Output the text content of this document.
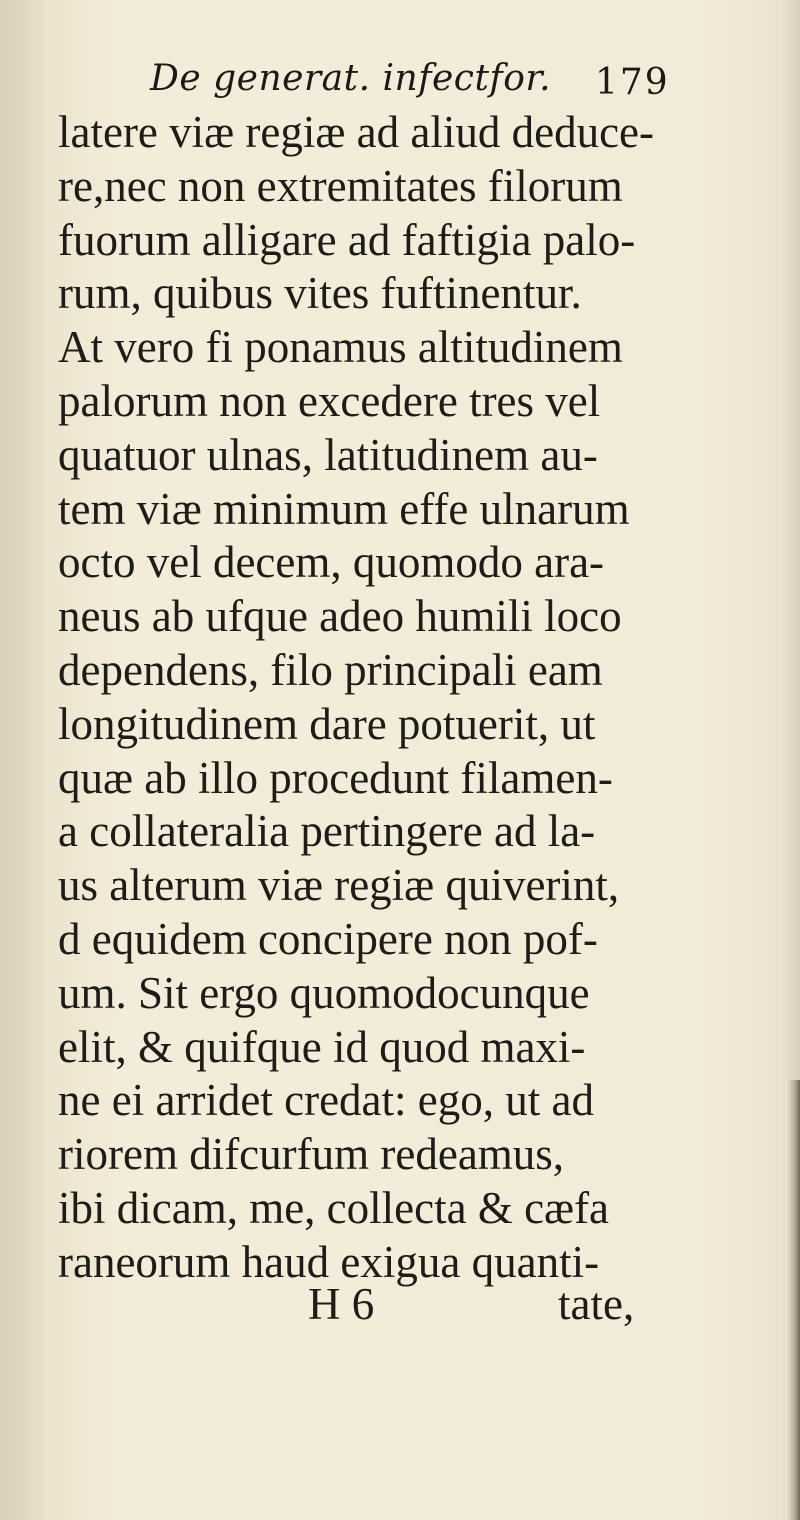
De generat. infectfor. 179
latere viæ regiæ ad aliud deduce-
re,nec non extremitates filorum
fuorum alligare ad faftigia palo-
rum, quibus vites fuftinentur.
At vero fi ponamus altitudinem
palorum non excedere tres vel
quatuor ulnas, latitudinem au-
tem viæ minimum effe ulnarum
octo vel decem, quomodo ara-
neus ab ufque adeo humili loco
dependens, filo principali eam
longitudinem dare potuerit, ut
quæ ab illo procedunt filamen-
a collateralia pertingere ad la-
us alterum viæ regiæ quiverint,
d equidem concipere non pof-
um. Sit ergo quomodocunque
elit, & quifque id quod maxi-
ne ei arridet credat: ego, ut ad
riorem difcurfum redeamus,
ibi dicam, me, collecta & cæfa
raneorum haud exigua quanti-
H 6	tate,
